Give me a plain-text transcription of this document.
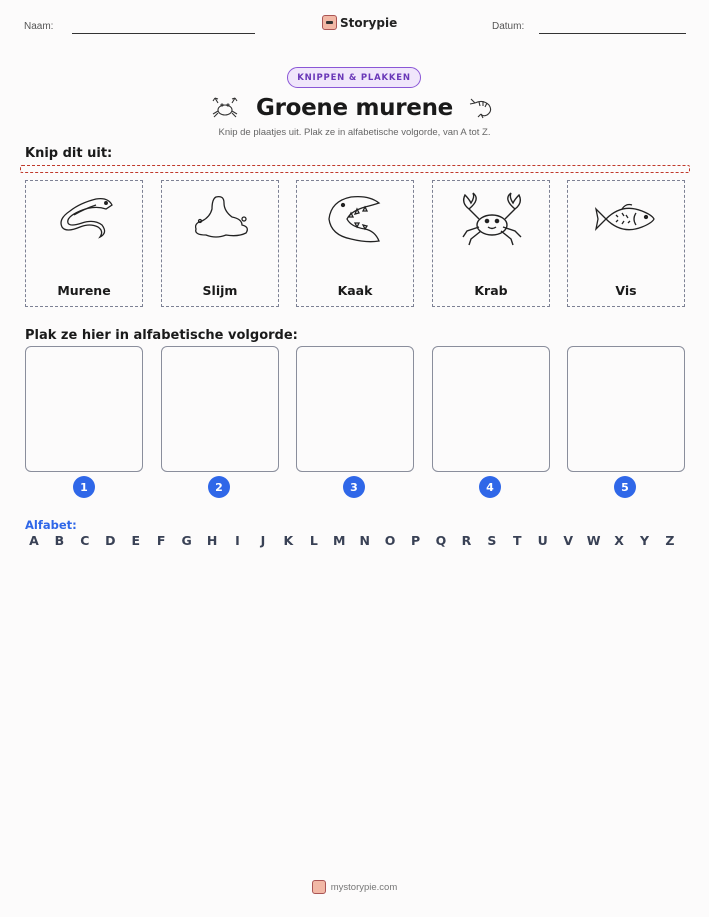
Naam:	Storypie	Datum:
KNIPPEN & PLAKKEN
Groene murene
Knip de plaatjes uit. Plak ze in alfabetische volgorde, van A tot Z.
Knip dit uit:
Murene	Slijm	Kaak	Krab	Vis
Plak ze hier in alfabetische volgorde:
1	2	3	4	5
Alfabet:
A	B	C	D	E	F	G	H	I	J	K	L	M	N	O	P	Q	R	S	T	U	V	W	X	Y	Z
mystorypie.com
